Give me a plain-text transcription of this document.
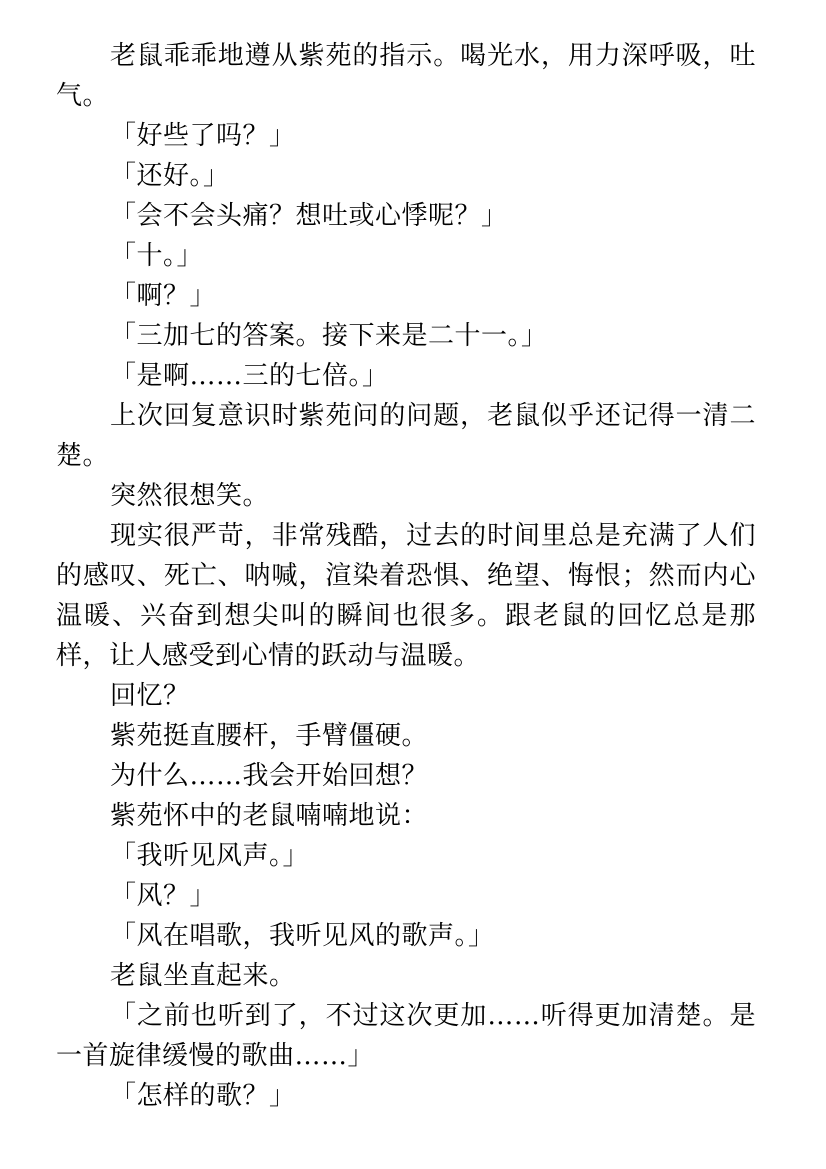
老鼠乖乖地遵从紫苑的指示。喝光水，用力深呼吸，吐气。

「好些了吗？」

「还好。」

「会不会头痛？想吐或心悸呢？」

「十。」

「啊？」

「三加七的答案。接下来是二十一。」

「是啊……三的七倍。」

上次回复意识时紫苑问的问题，老鼠似乎还记得一清二楚。

突然很想笑。

现实很严苛，非常残酷，过去的时间里总是充满了人们的感叹、死亡、呐喊，渲染着恐惧、绝望、悔恨；然而内心温暖、兴奋到想尖叫的瞬间也很多。跟老鼠的回忆总是那样，让人感受到心情的跃动与温暖。

回忆？

紫苑挺直腰杆，手臂僵硬。

为什么……我会开始回想？

紫苑怀中的老鼠喃喃地说：

「我听见风声。」

「风？」

「风在唱歌，我听见风的歌声。」

老鼠坐直起来。

「之前也听到了，不过这次更加……听得更加清楚。是一首旋律缓慢的歌曲……」

「怎样的歌？」
